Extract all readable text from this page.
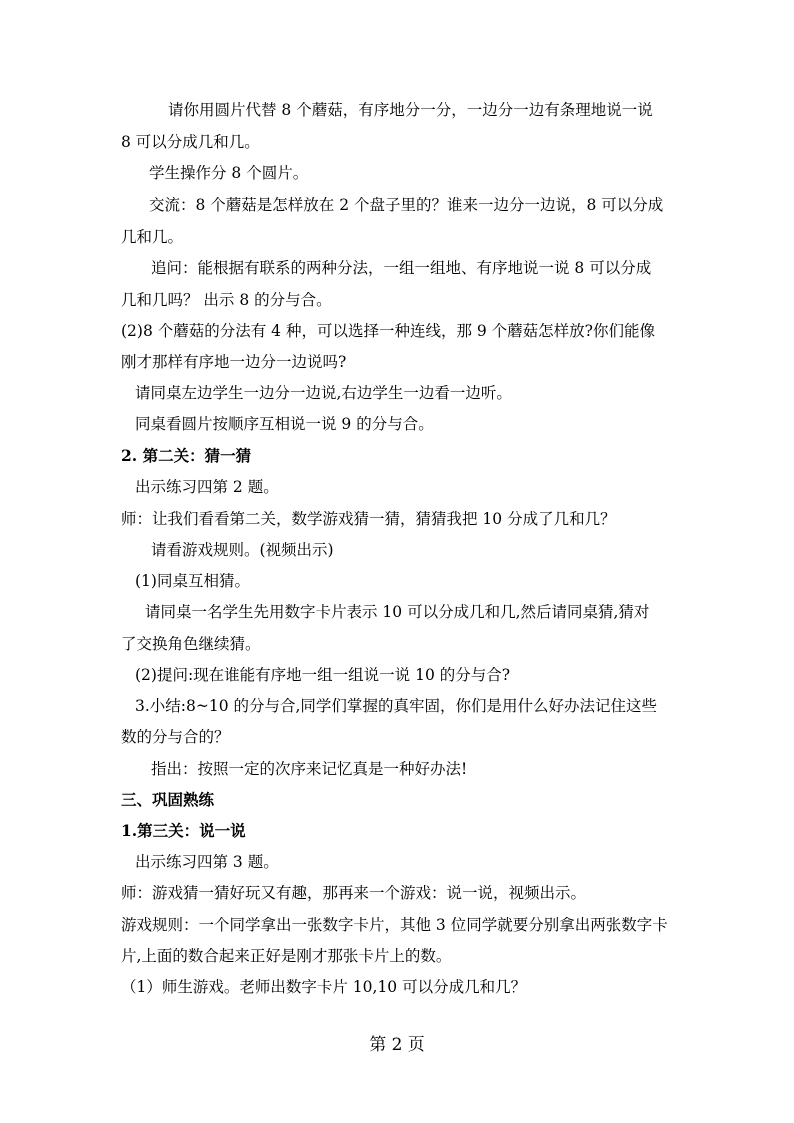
请你用圆片代替 8 个蘑菇，有序地分一分，一边分一边有条理地说一说
8 可以分成几和几。
学生操作分 8 个圆片。
交流：8 个蘑菇是怎样放在 2 个盘子里的？谁来一边分一边说，8 可以分成
几和几。
追问：能根据有联系的两种分法，一组一组地、有序地说一说 8 可以分成
几和几吗？ 出示 8 的分与合。
(2)8 个蘑菇的分法有 4 种，可以选择一种连线，那 9 个蘑菇怎样放?你们能像
刚才那样有序地一边分一边说吗?
请同桌左边学生一边分一边说,右边学生一边看一边听。
同桌看圆片按顺序互相说一说 9 的分与合。
2. 第二关：猜一猜
出示练习四第 2 题。
师：让我们看看第二关，数学游戏猜一猜，猜猜我把 10 分成了几和几？
请看游戏规则。(视频出示)
(1)同桌互相猜。
请同桌一名学生先用数字卡片表示 10 可以分成几和几,然后请同桌猜,猜对
了交换角色继续猜。
(2)提问:现在谁能有序地一组一组说一说 10 的分与合?
3.小结:8~10 的分与合,同学们掌握的真牢固，你们是用什么好办法记住这些
数的分与合的？
指出：按照一定的次序来记忆真是一种好办法!
三、巩固熟练
1.第三关：说一说
出示练习四第 3 题。
师：游戏猜一猜好玩又有趣，那再来一个游戏：说一说，视频出示。
游戏规则：一个同学拿出一张数字卡片，其他 3 位同学就要分别拿出两张数字卡
片,上面的数合起来正好是刚才那张卡片上的数。
（1）师生游戏。老师出数字卡片 10,10 可以分成几和几？
第 2 页
